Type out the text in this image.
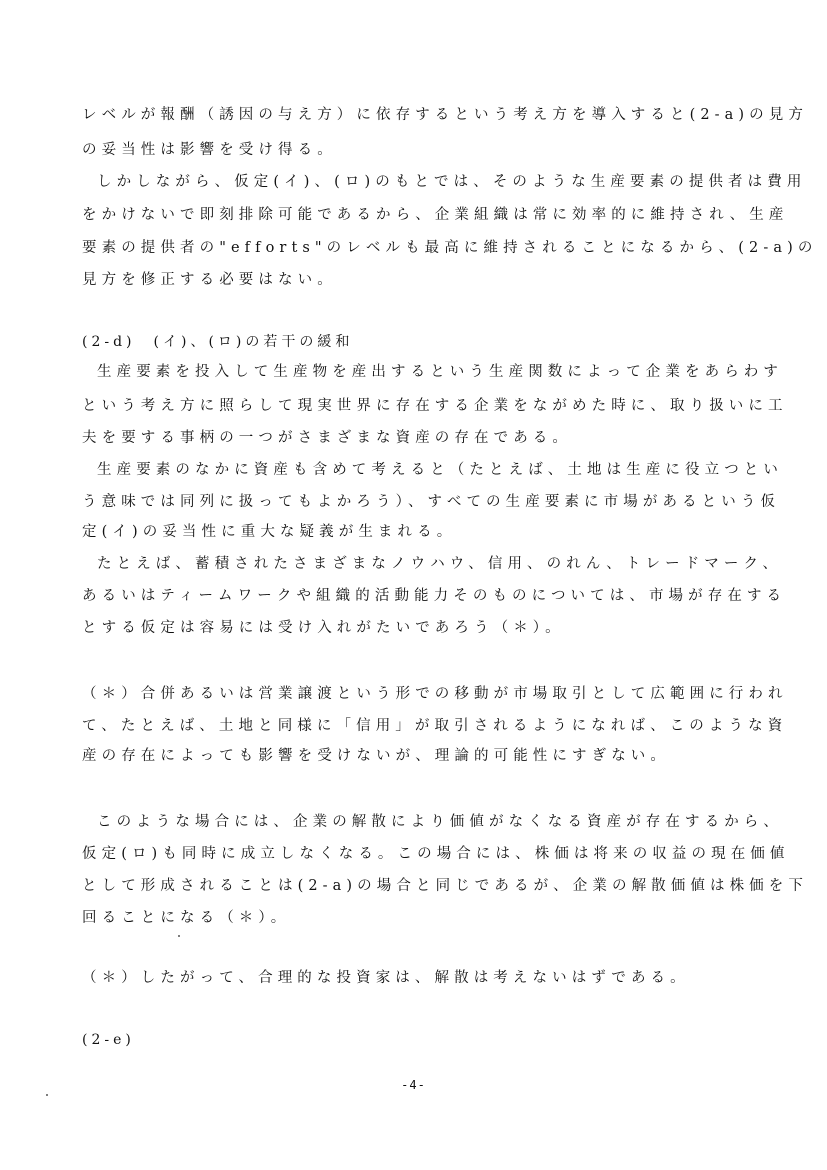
レベルが報酬（誘因の与え方）に依存するという考え方を導入すると(2-a)の見方
の妥当性は影響を受け得る。
しかしながら、仮定(イ)、(ロ)のもとでは、そのような生産要素の提供者は費用
をかけないで即刻排除可能であるから、企業組織は常に効率的に維持され、生産
要素の提供者の"efforts"のレベルも最高に維持されることになるから、(2-a)の
見方を修正する必要はない。
(2-d)　(イ)、(ロ)の若干の緩和
生産要素を投入して生産物を産出するという生産関数によって企業をあらわす
という考え方に照らして現実世界に存在する企業をながめた時に、取り扱いに工
夫を要する事柄の一つがさまざまな資産の存在である。
生産要素のなかに資産も含めて考えると（たとえば、土地は生産に役立つとい
う意味では同列に扱ってもよかろう）、すべての生産要素に市場があるという仮
定(イ)の妥当性に重大な疑義が生まれる。
たとえば、蓄積されたさまざまなノウハウ、信用、のれん、トレードマーク、
あるいはティームワークや組織的活動能力そのものについては、市場が存在する
とする仮定は容易には受け入れがたいであろう（＊）。
（＊）合併あるいは営業譲渡という形での移動が市場取引として広範囲に行われ
て、たとえば、土地と同様に「信用」が取引されるようになれば、このような資
産の存在によっても影響を受けないが、理論的可能性にすぎない。
このような場合には、企業の解散により価値がなくなる資産が存在するから、
仮定(ロ)も同時に成立しなくなる。この場合には、株価は将来の収益の現在価値
として形成されることは(2-a)の場合と同じであるが、企業の解散価値は株価を下
回ることになる（＊）。
（＊）したがって、合理的な投資家は、解散は考えないはずである。
(2-e)
-4-
